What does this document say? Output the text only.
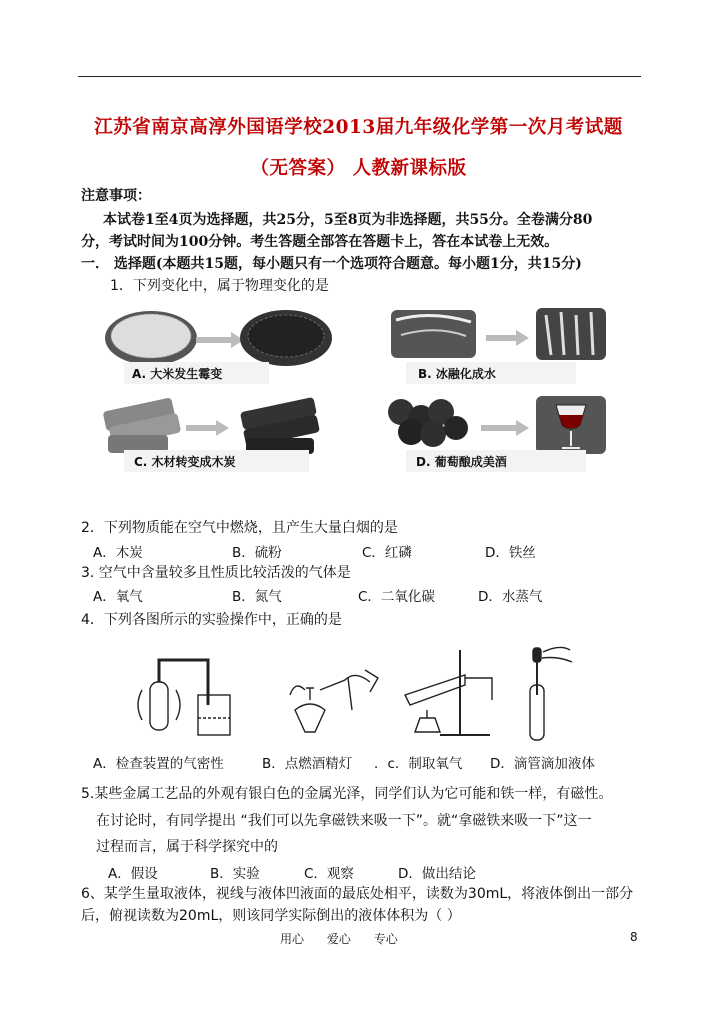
江苏省南京高淳外国语学校2013届九年级化学第一次月考试题
（无答案） 人教新课标版
注意事项：
本试卷1至4页为选择题，共25分，5至8页为非选择题，共55分。全卷满分80
分，考试时间为100分钟。考生答题全部答在答题卡上，答在本试卷上无效。
一． 选择题(本题共15题，每小题只有一个选项符合题意。每小题1分，共15分)
1．下列变化中，属于物理变化的是
A. 大米发生霉变	B. 冰融化成水
C. 木材转变成木炭	D. 葡萄酿成美酒
2．下列物质能在空气中燃烧，且产生大量白烟的是
A．木炭	B．硫粉	C．红磷	D．铁丝
3. 空气中含量较多且性质比较活泼的气体是
A．氧气	B．氮气	C．二氧化碳	D．水蒸气
4．下列各图所示的实验操作中，正确的是
A．检查装置的气密性	B．点燃酒精灯 ．c．制取氧气 D．滴管滴加液体
5.某些金属工艺品的外观有银白色的金属光泽，同学们认为它可能和铁一样，有磁性。
在讨论时，有同学提出 “我们可以先拿磁铁来吸一下”。就“拿磁铁来吸一下”这一
过程而言，属于科学探究中的
A．假设	B．实验	C．观察	D．做出结论
6、某学生量取液体，视线与液体凹液面的最底处相平，读数为30mL，将液体倒出一部分
后，俯视读数为20mL，则该同学实际倒出的液体体积为（ ）
用心      爱心      专心	8
